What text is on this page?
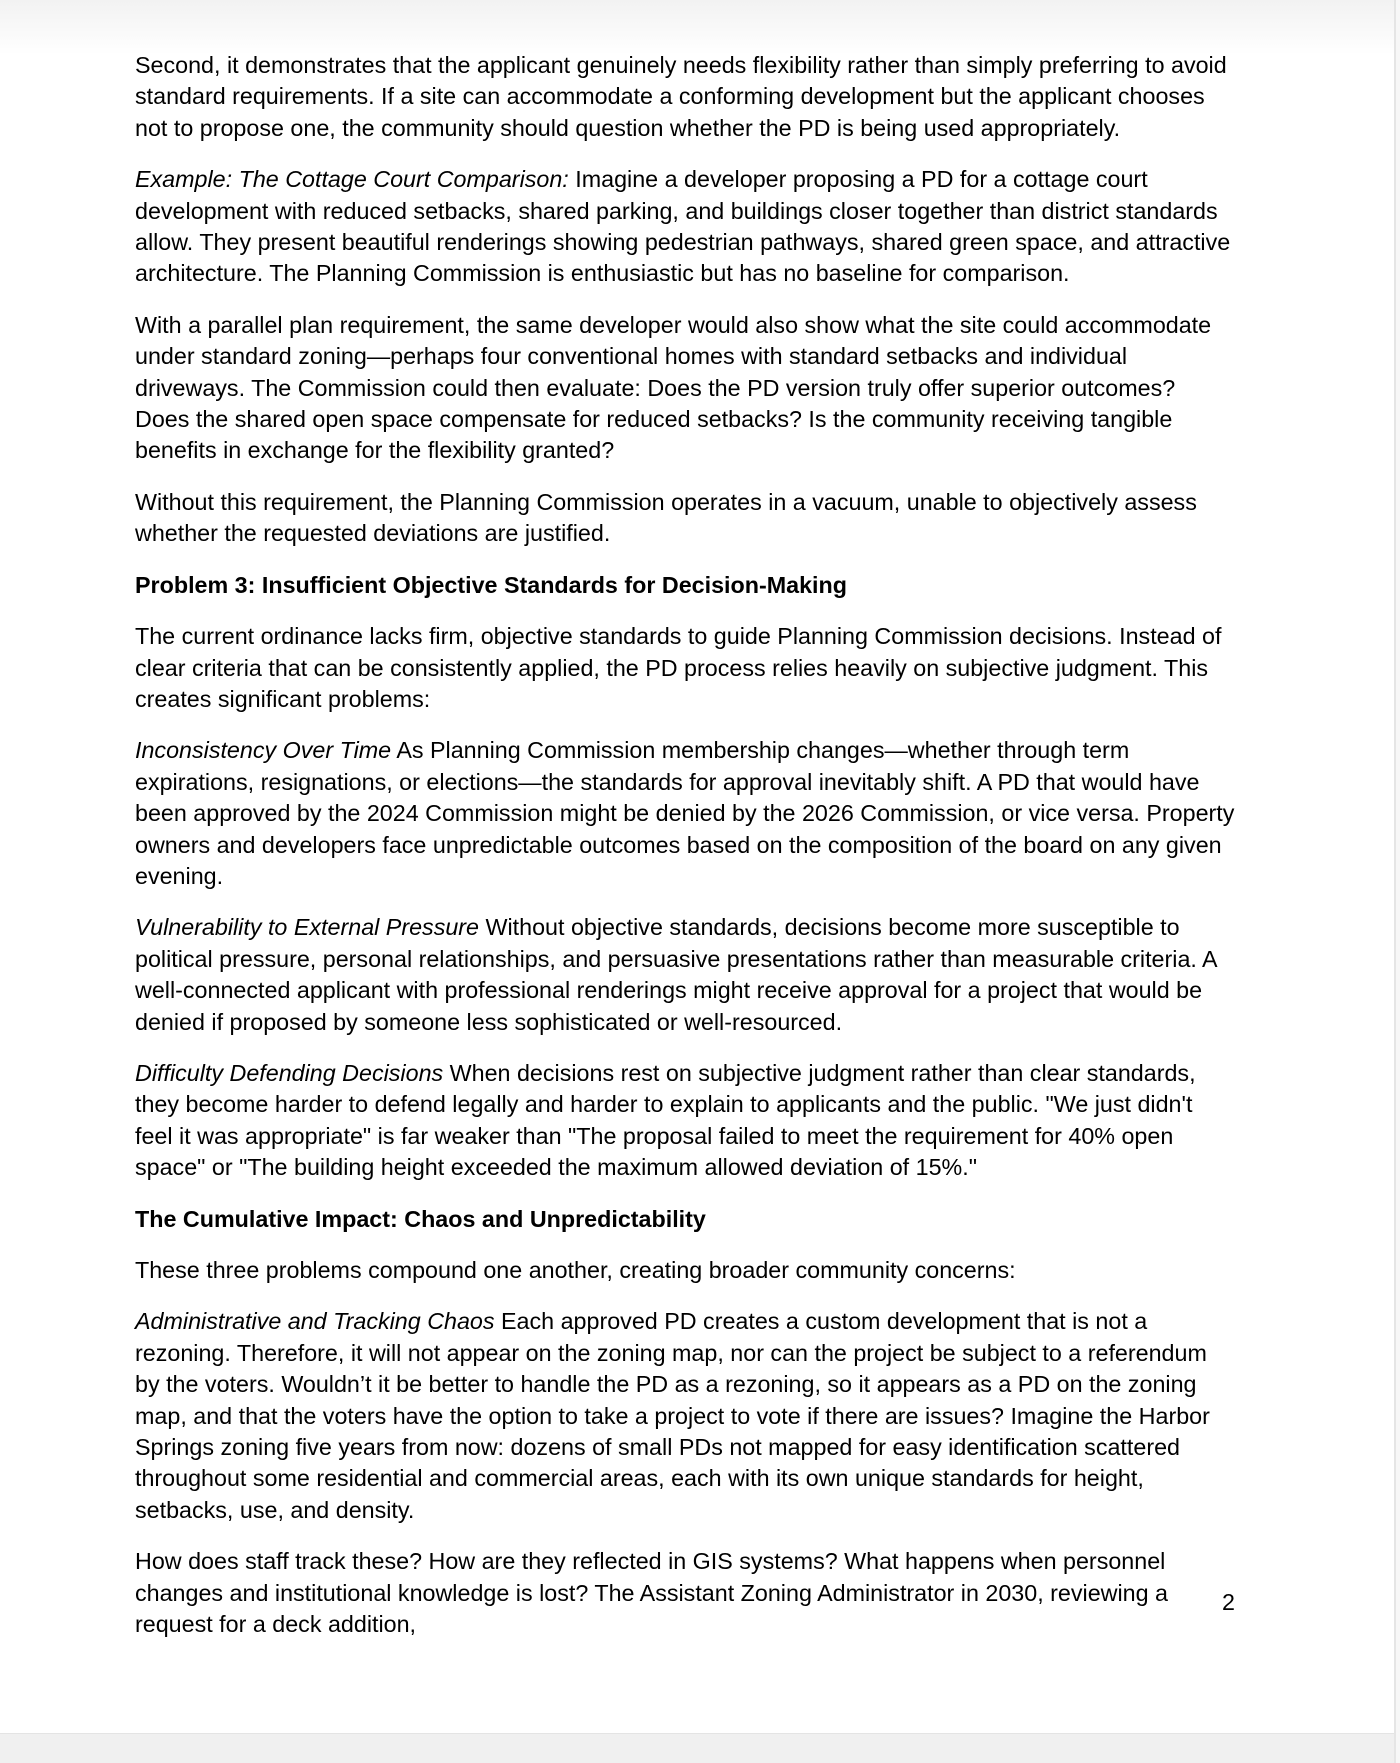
Second, it demonstrates that the applicant genuinely needs flexibility rather than simply preferring to avoid standard requirements. If a site can accommodate a conforming development but the applicant chooses not to propose one, the community should question whether the PD is being used appropriately.

Example: The Cottage Court Comparison: Imagine a developer proposing a PD for a cottage court development with reduced setbacks, shared parking, and buildings closer together than district standards allow. They present beautiful renderings showing pedestrian pathways, shared green space, and attractive architecture. The Planning Commission is enthusiastic but has no baseline for comparison.

With a parallel plan requirement, the same developer would also show what the site could accommodate under standard zoning—perhaps four conventional homes with standard setbacks and individual driveways. The Commission could then evaluate: Does the PD version truly offer superior outcomes? Does the shared open space compensate for reduced setbacks? Is the community receiving tangible benefits in exchange for the flexibility granted?

Without this requirement, the Planning Commission operates in a vacuum, unable to objectively assess whether the requested deviations are justified.

Problem 3: Insufficient Objective Standards for Decision-Making

The current ordinance lacks firm, objective standards to guide Planning Commission decisions. Instead of clear criteria that can be consistently applied, the PD process relies heavily on subjective judgment. This creates significant problems:

Inconsistency Over Time As Planning Commission membership changes—whether through term expirations, resignations, or elections—the standards for approval inevitably shift. A PD that would have been approved by the 2024 Commission might be denied by the 2026 Commission, or vice versa. Property owners and developers face unpredictable outcomes based on the composition of the board on any given evening.

Vulnerability to External Pressure Without objective standards, decisions become more susceptible to political pressure, personal relationships, and persuasive presentations rather than measurable criteria. A well-connected applicant with professional renderings might receive approval for a project that would be denied if proposed by someone less sophisticated or well-resourced.

Difficulty Defending Decisions When decisions rest on subjective judgment rather than clear standards, they become harder to defend legally and harder to explain to applicants and the public. "We just didn't feel it was appropriate" is far weaker than "The proposal failed to meet the requirement for 40% open space" or "The building height exceeded the maximum allowed deviation of 15%."

The Cumulative Impact: Chaos and Unpredictability

These three problems compound one another, creating broader community concerns:

Administrative and Tracking Chaos Each approved PD creates a custom development that is not a rezoning. Therefore, it will not appear on the zoning map, nor can the project be subject to a referendum by the voters. Wouldn’t it be better to handle the PD as a rezoning, so it appears as a PD on the zoning map, and that the voters have the option to take a project to vote if there are issues? Imagine the Harbor Springs zoning five years from now: dozens of small PDs not mapped for easy identification scattered throughout some residential and commercial areas, each with its own unique standards for height, setbacks, use, and density.

How does staff track these? How are they reflected in GIS systems? What happens when personnel changes and institutional knowledge is lost? The Assistant Zoning Administrator in 2030, reviewing a request for a deck addition,

2
